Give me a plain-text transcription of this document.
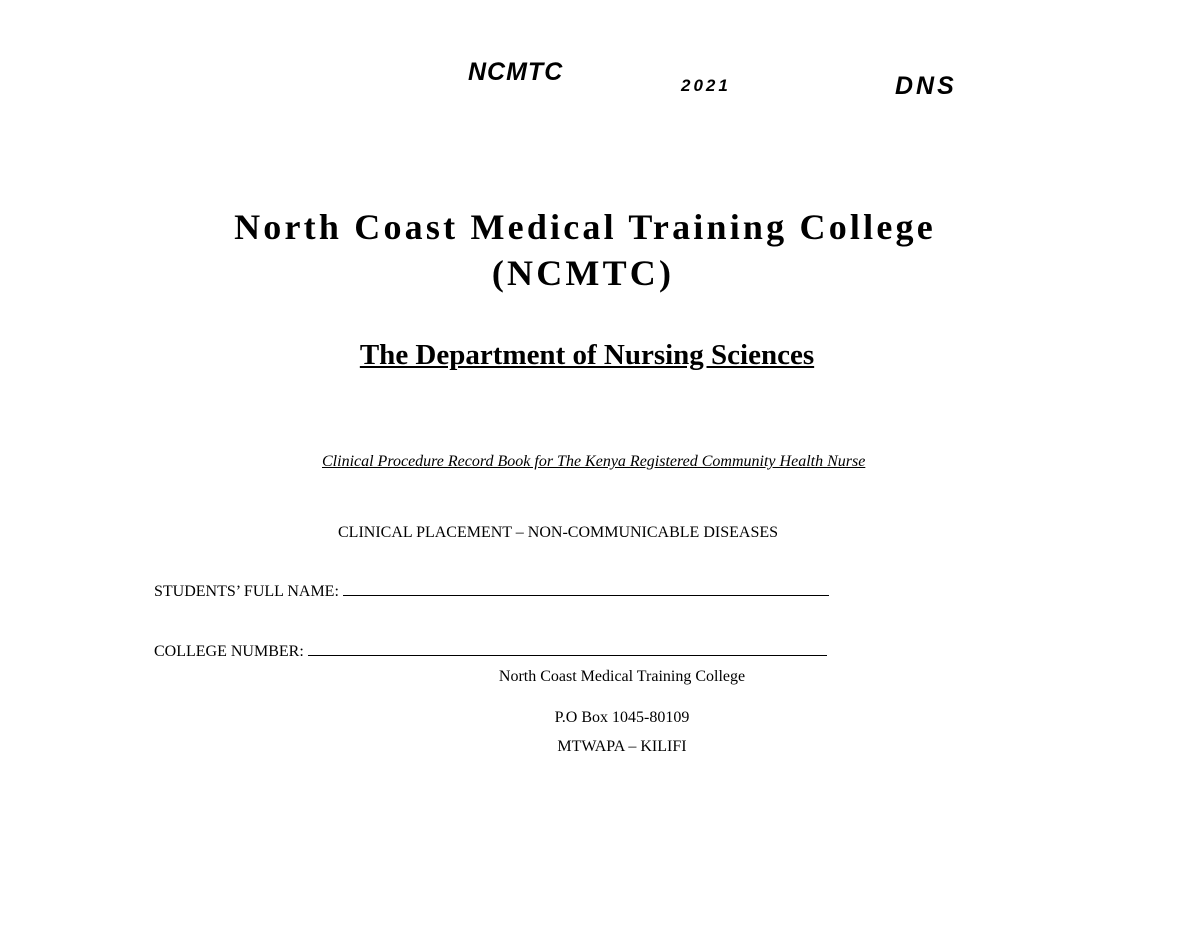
NCMTC	2021	DNS
North Coast Medical Training College
(NCMTC)
The Department of Nursing Sciences
Clinical Procedure Record Book for The Kenya Registered Community Health Nurse
CLINICAL PLACEMENT – NON-COMMUNICABLE DISEASES
STUDENTS’ FULL NAME:
COLLEGE NUMBER:
North Coast Medical Training College
P.O Box 1045-80109
MTWAPA – KILIFI
